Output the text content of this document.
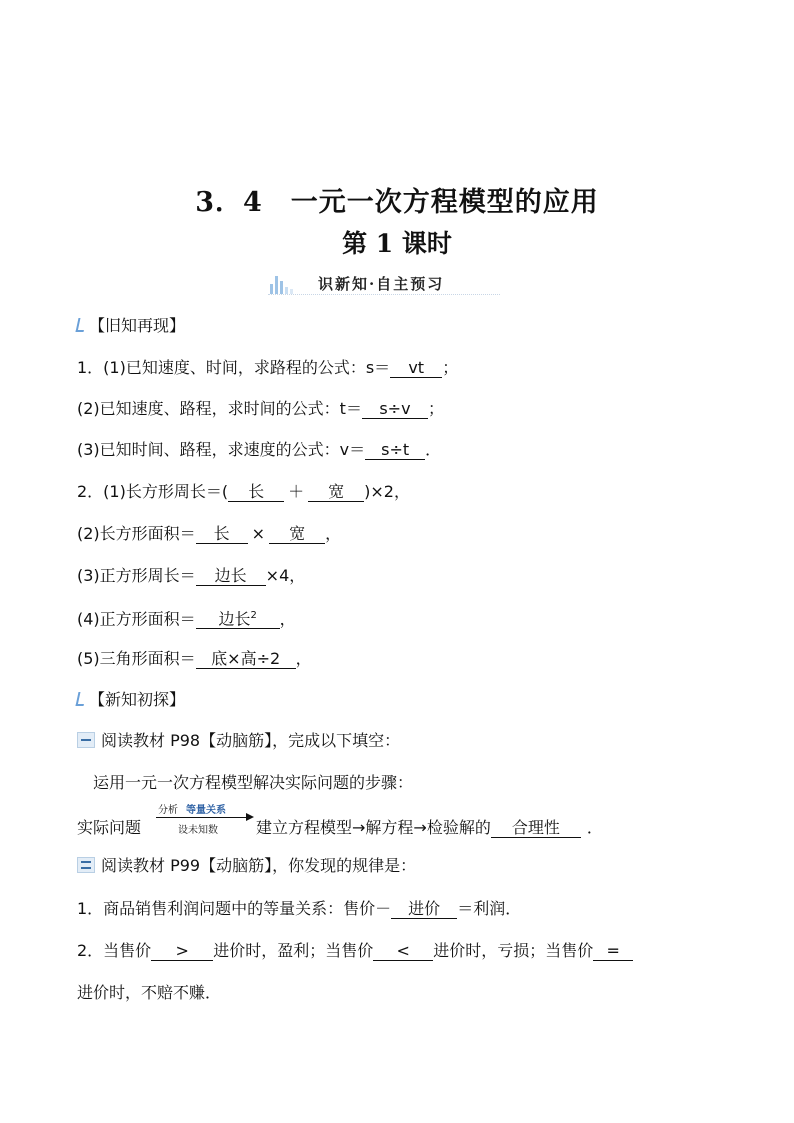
3．4　一元一次方程模型的应用
第 1 课时
识新知·自主预习
【旧知再现】
1．(1)已知速度、时间，求路程的公式：s＝ vt ；
(2)已知速度、路程，求时间的公式：t＝ s÷v ；
(3)已知时间、路程，求速度的公式：v＝ s÷t ．
2．(1)长方形周长＝( 长 ＋ 宽 )×2，
(2)长方形面积＝ 长 × 宽 ，
(3)正方形周长＝ 边长 ×4，
(4)正方形面积＝ 边长$^2$ ，
(5)三角形面积＝ 底×高÷2 ，
【新知初探】
阅读教材 P98【动脑筋】，完成以下填空：
运用一元一次方程模型解决实际问题的步骤：
实际问题
分析 等量关系
设未知数 建立方程模型→解方程→检验解的 合理性 ．
阅读教材 P99【动脑筋】，你发现的规律是：
1．商品销售利润问题中的等量关系：售价－ 进价 ＝利润．
2．当售价 > 进价时，盈利；当售价 < 进价时，亏损；当售价 =
进价时，不赔不赚．
